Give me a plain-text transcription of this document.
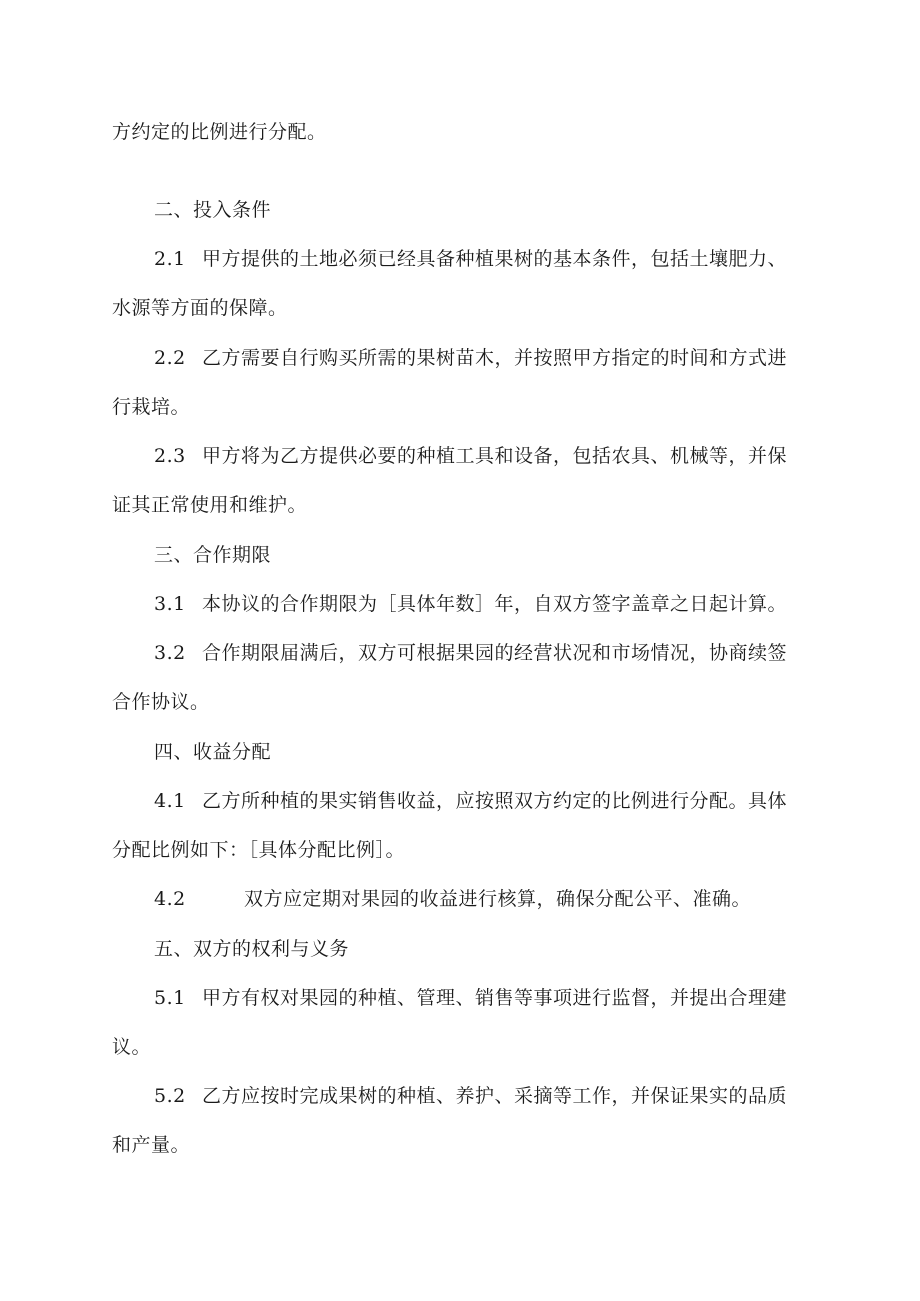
方约定的比例进行分配。
二、投入条件
2.1 甲方提供的土地必须已经具备种植果树的基本条件，包括土壤肥力、
水源等方面的保障。
2.2 乙方需要自行购买所需的果树苗木，并按照甲方指定的时间和方式进
行栽培。
2.3 甲方将为乙方提供必要的种植工具和设备，包括农具、机械等，并保
证其正常使用和维护。
三、合作期限
3.1 本协议的合作期限为［具体年数］年，自双方签字盖章之日起计算。
3.2 合作期限届满后，双方可根据果园的经营状况和市场情况，协商续签
合作协议。
四、收益分配
4.1 乙方所种植的果实销售收益，应按照双方约定的比例进行分配。具体
分配比例如下：［具体分配比例］。
4.2	双方应定期对果园的收益进行核算，确保分配公平、准确。
五、双方的权利与义务
5.1 甲方有权对果园的种植、管理、销售等事项进行监督，并提出合理建
议。
5.2 乙方应按时完成果树的种植、养护、采摘等工作，并保证果实的品质
和产量。
